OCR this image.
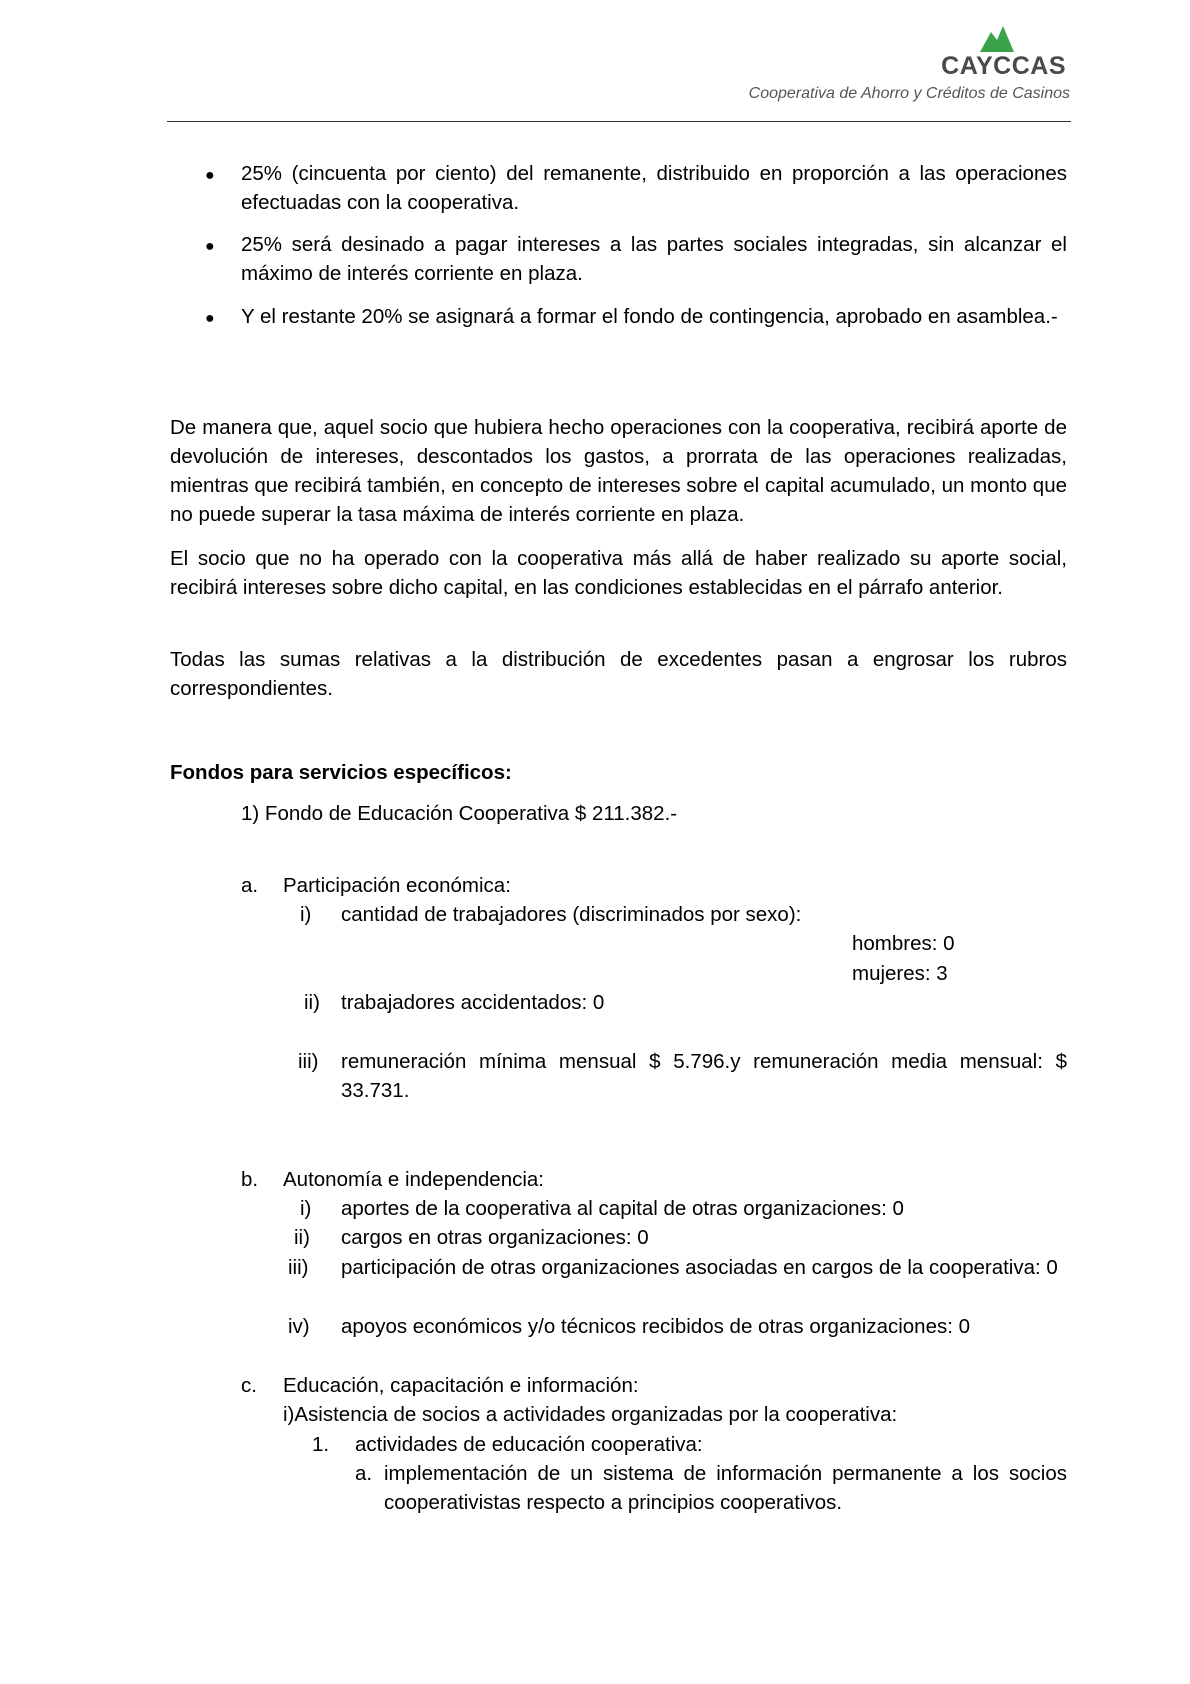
CAYCCAS
Cooperativa de Ahorro y Créditos de Casinos
● 25% (cincuenta por ciento) del remanente, distribuido en proporción a las operaciones efectuadas con la cooperativa.
● 25% será desinado a pagar intereses a las partes sociales integradas, sin alcanzar el máximo de interés corriente en plaza.
● Y el restante 20% se asignará a formar el fondo de contingencia, aprobado en asamblea.-
De manera que, aquel socio que hubiera hecho operaciones con la cooperativa, recibirá aporte de devolución de intereses, descontados los gastos, a prorrata de las operaciones realizadas, mientras que recibirá también, en concepto de intereses sobre el capital acumulado, un monto que no puede superar la tasa máxima de interés corriente en plaza.
El socio que no ha operado con la cooperativa más allá de haber realizado su aporte social, recibirá intereses sobre dicho capital, en las condiciones establecidas en el párrafo anterior.
Todas las sumas relativas a la distribución de excedentes pasan a engrosar los rubros correspondientes.
Fondos para servicios específicos:
1) Fondo de Educación Cooperativa $ 211.382.-
a. Participación económica:
i) cantidad de trabajadores (discriminados por sexo):
hombres: 0
mujeres: 3
ii) trabajadores accidentados: 0
iii) remuneración mínima mensual $ 5.796.y remuneración media mensual: $ 33.731.
b. Autonomía e independencia:
i) aportes de la cooperativa al capital de otras organizaciones: 0
ii) cargos en otras organizaciones: 0
iii) participación de otras organizaciones asociadas en cargos de la cooperativa: 0
iv) apoyos económicos y/o técnicos recibidos de otras organizaciones: 0
c. Educación, capacitación e información:
i)Asistencia de socios a actividades organizadas por la cooperativa:
1. actividades de educación cooperativa:
a. implementación de un sistema de información permanente a los socios cooperativistas respecto a principios cooperativos.
